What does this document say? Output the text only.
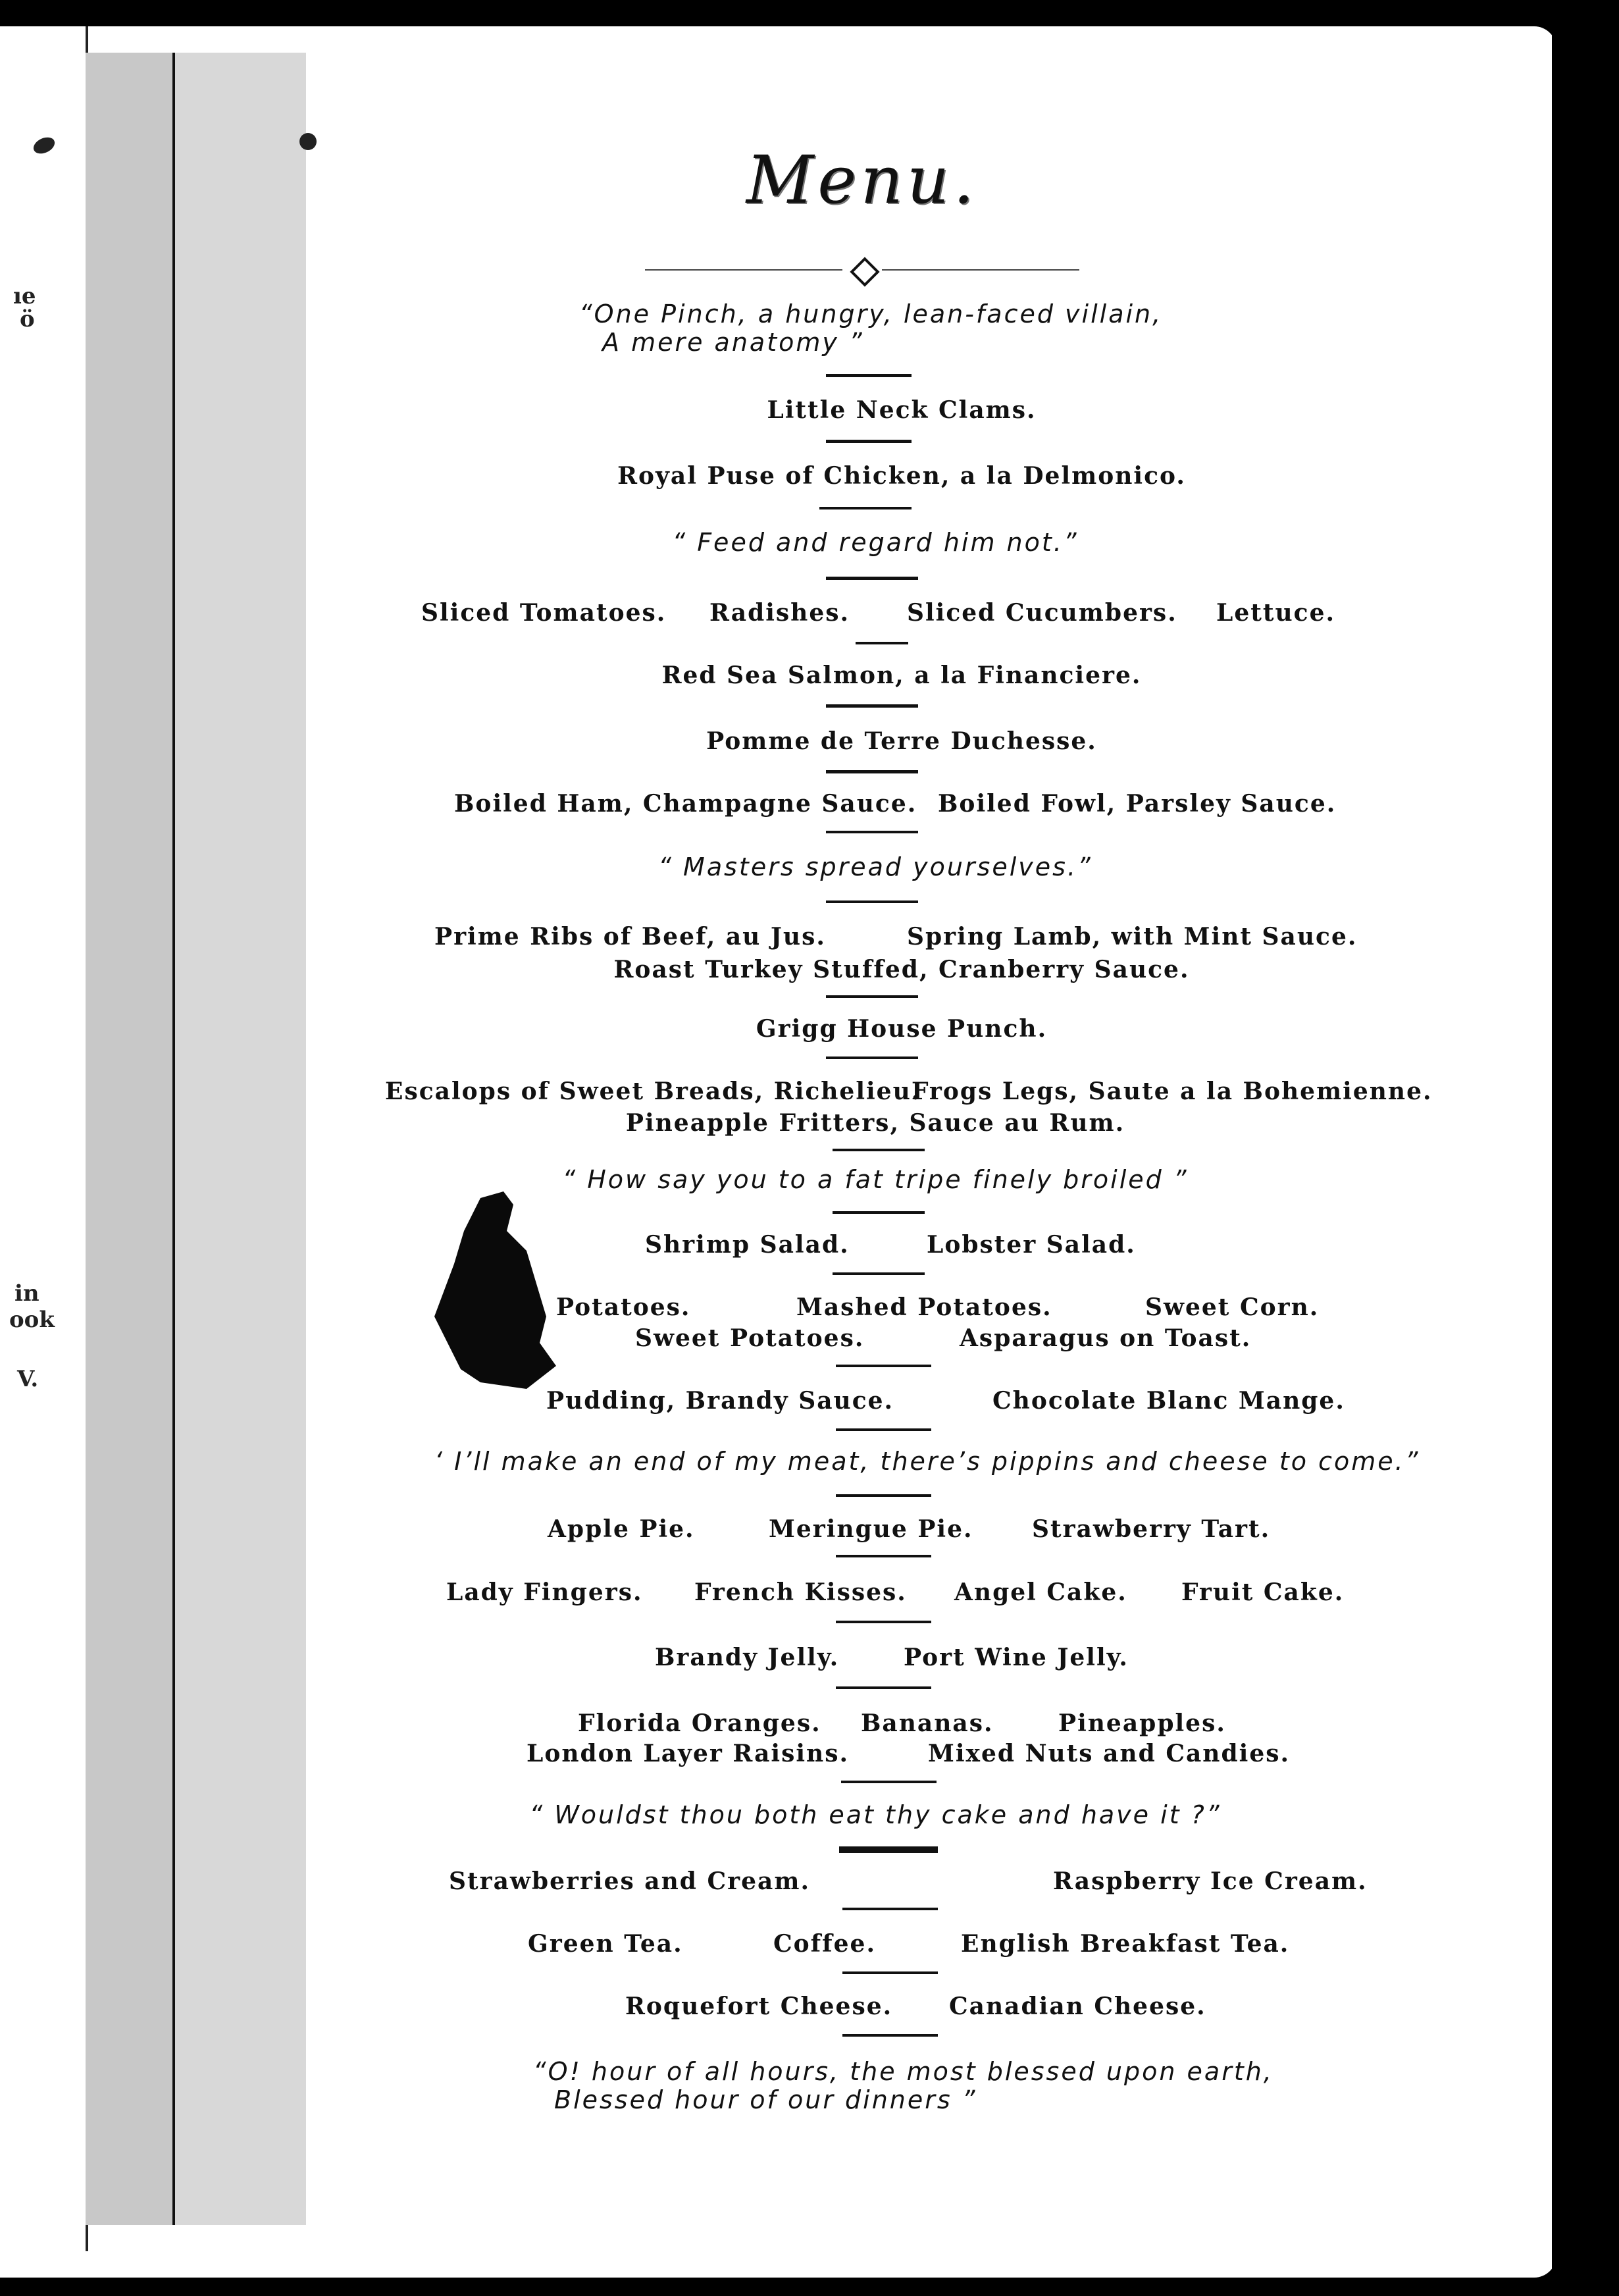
ıe
ö
in
ook
V.
Menu.
“One Pinch, a hungry, lean-faced villain,
A mere anatomy ”
Little Neck Clams.
Royal Puse of Chicken, a la Delmonico.
“ Feed and regard him not.”
Sliced Tomatoes. Radishes. Sliced Cucumbers. Lettuce.
Red Sea Salmon, a la Financiere.
Pomme de Terre Duchesse.
Boiled Ham, Champagne Sauce. Boiled Fowl, Parsley Sauce.
“ Masters spread yourselves.”
Prime Ribs of Beef, au Jus.	Spring Lamb, with Mint Sauce.
Roast Turkey Stuffed, Cranberry Sauce.
Grigg House Punch.
Escalops of Sweet Breads, Richelieu.
Frogs Legs, Saute a la Bohemienne.
Pineapple Fritters, Sauce au Rum.
“ How say you to a fat tripe finely broiled ”
Shrimp Salad.	Lobster Salad.
Potatoes.	Mashed Potatoes.	Sweet Corn.
Sweet Potatoes.	Asparagus on Toast.
Pudding, Brandy Sauce.	Chocolate Blanc Mange.
‘ I’ll make an end of my meat, there’s pippins and cheese to come.”
Apple Pie.	Meringue Pie. Strawberry Tart.
Lady Fingers. French Kisses. Angel Cake. Fruit Cake.
Brandy Jelly.	Port Wine Jelly.
Florida Oranges. Bananas.	Pineapples.
London Layer Raisins.	Mixed Nuts and Candies.
“ Wouldst thou both eat thy cake and have it ?”
Strawberries and Cream.	Raspberry Ice Cream.
Green Tea.	Coffee.	English Breakfast Tea.
Roquefort Cheese. Canadian Cheese.
“O! hour of all hours, the most blessed upon earth,
Blessed hour of our dinners ”
